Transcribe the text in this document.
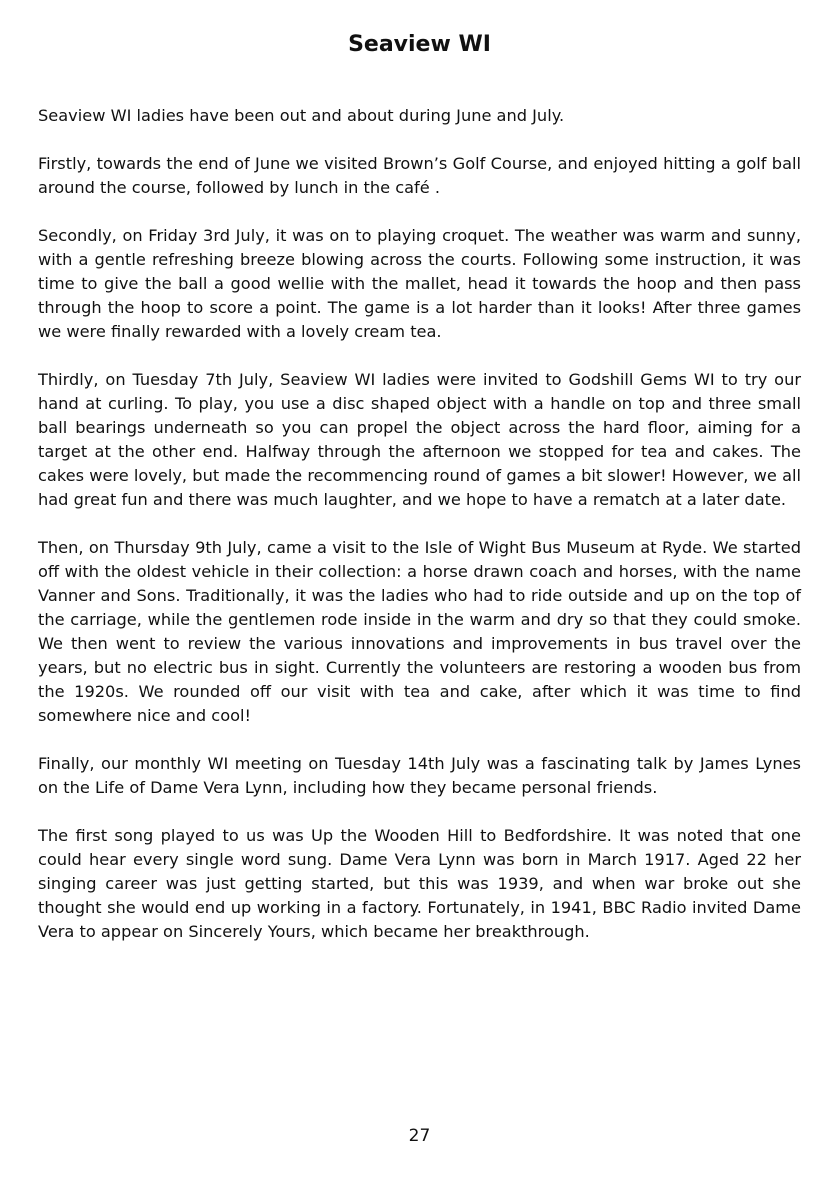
Seaview WI

Seaview WI ladies have been out and about during June and July.

Firstly, towards the end of June we visited Brown’s Golf Course, and enjoyed hitting a golf ball around the course, followed by lunch in the café .

Secondly, on Friday 3rd July, it was on to playing croquet. The weather was warm and sunny, with a gentle refreshing breeze blowing across the courts. Following some instruction, it was time to give the ball a good wellie with the mallet, head it towards the hoop and then pass through the hoop to score a point. The game is a lot harder than it looks! After three games we were finally rewarded with a lovely cream tea.

Thirdly, on Tuesday 7th July, Seaview WI ladies were invited to Godshill Gems WI to try our hand at curling. To play, you use a disc shaped object with a handle on top and three small ball bearings underneath so you can propel the object across the hard floor, aiming for a target at the other end. Halfway through the afternoon we stopped for tea and cakes. The cakes were lovely, but made the recommencing round of games a bit slower! However, we all had great fun and there was much laughter, and we hope to have a rematch at a later date.

Then, on Thursday 9th July, came a visit to the Isle of Wight Bus Museum at Ryde. We started off with the oldest vehicle in their collection: a horse drawn coach and horses, with the name Vanner and Sons. Traditionally, it was the ladies who had to ride outside and up on the top of the carriage, while the gentlemen rode inside in the warm and dry so that they could smoke. We then went to review the various innovations and improvements in bus travel over the years, but no electric bus in sight. Currently the volunteers are restoring a wooden bus from the 1920s. We rounded off our visit with tea and cake, after which it was time to find somewhere nice and cool!

Finally, our monthly WI meeting on Tuesday 14th July was a fascinating talk by James Lynes on the Life of Dame Vera Lynn, including how they became personal friends.

The first song played to us was Up the Wooden Hill to Bedfordshire. It was noted that one could hear every single word sung. Dame Vera Lynn was born in March 1917. Aged 22 her singing career was just getting started, but this was 1939, and when war broke out she thought she would end up working in a factory. Fortunately, in 1941, BBC Radio invited Dame Vera to appear on Sincerely Yours, which became her breakthrough.

27
